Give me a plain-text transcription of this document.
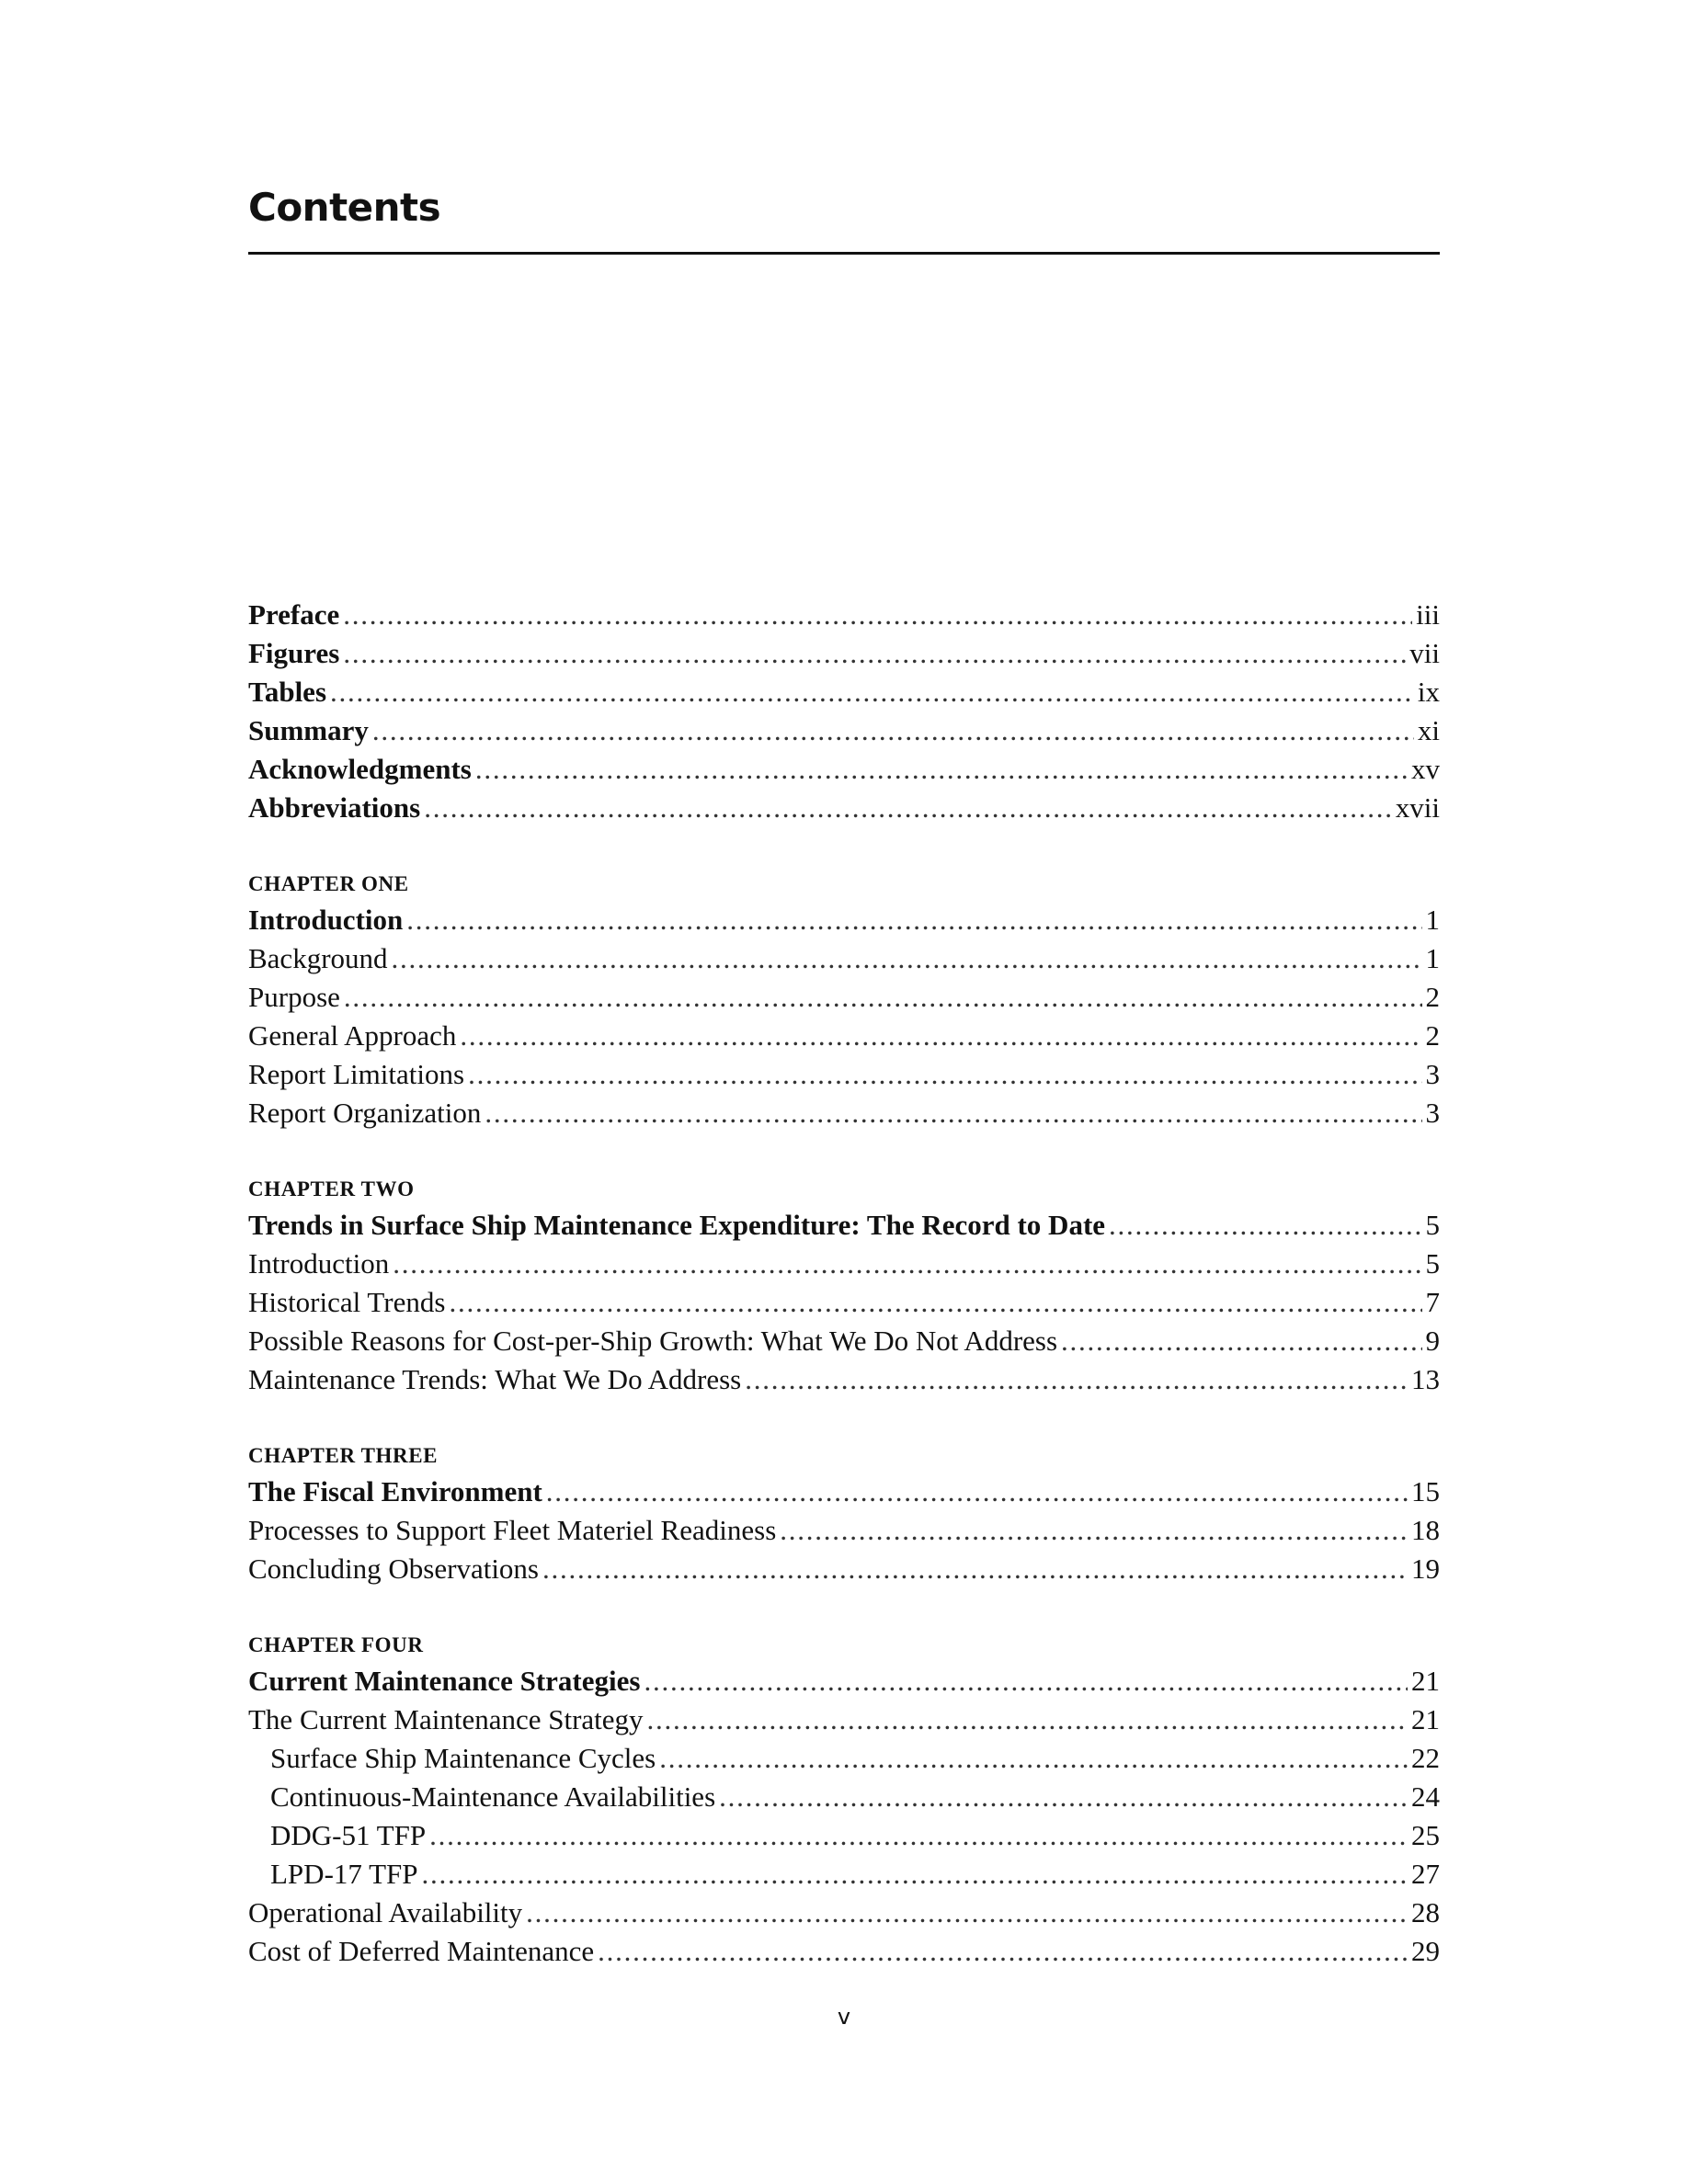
Contents
Preface . . .	iii
Figures . . .	vii
Tables . . .	ix
Summary . . .	xi
Acknowledgments . . .	xv
Abbreviations . . .	xvii
CHAPTER ONE
Introduction . . .	1
Background . . .	1
Purpose . . .	2
General Approach . . .	2
Report Limitations . . .	3
Report Organization . . .	3
CHAPTER TWO
Trends in Surface Ship Maintenance Expenditure: The Record to Date . . .	5
Introduction . . .	5
Historical Trends . . .	7
Possible Reasons for Cost-per-Ship Growth: What We Do Not Address . . .	9
Maintenance Trends: What We Do Address . . .	13
CHAPTER THREE
The Fiscal Environment . . .	15
Processes to Support Fleet Materiel Readiness . . .	18
Concluding Observations . . .	19
CHAPTER FOUR
Current Maintenance Strategies . . .	21
The Current Maintenance Strategy . . .	21
Surface Ship Maintenance Cycles . . .	22
Continuous-Maintenance Availabilities . . .	24
DDG-51 TFP . . .	25
LPD-17 TFP . . .	27
Operational Availability . . .	28
Cost of Deferred Maintenance . . .	29
v
